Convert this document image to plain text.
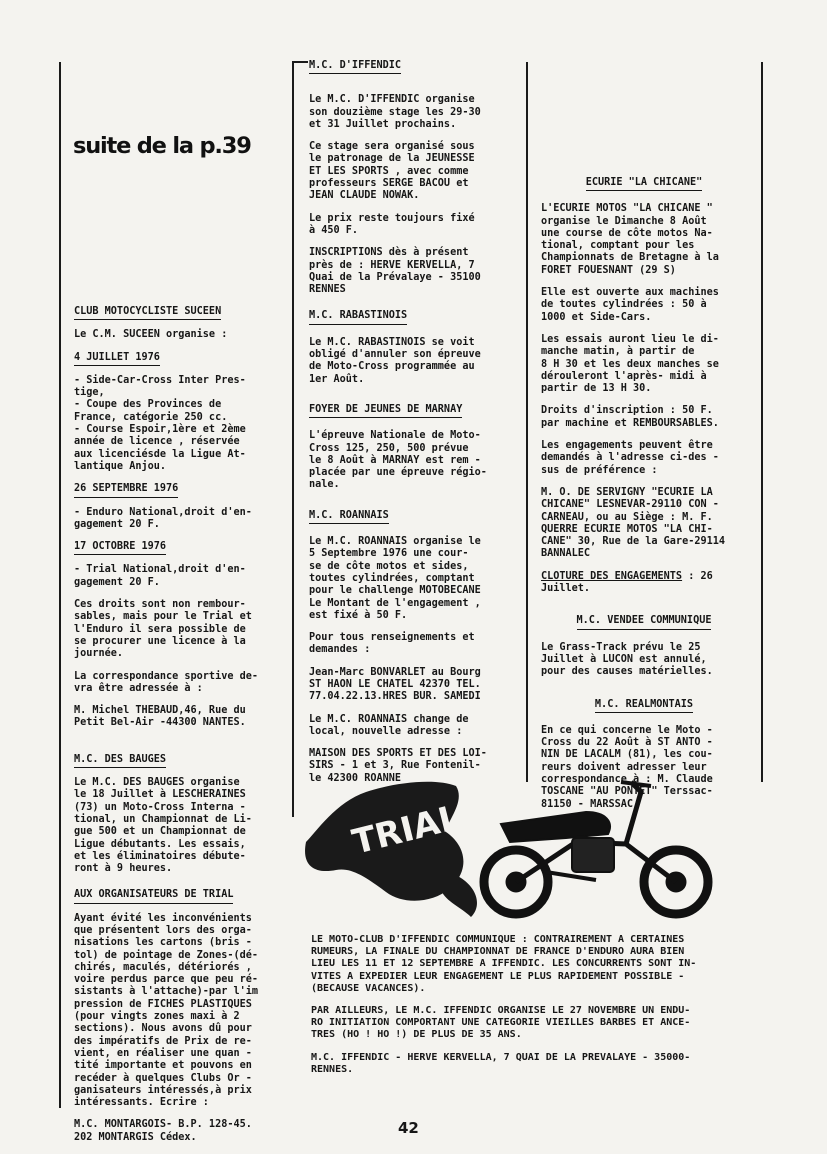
suite de la p.39
CLUB MOTOCYCLISTE SUCEEN

Le C.M. SUCEEN organise :

4 JUILLET 1976

- Side-Car-Cross Inter Pres-
tige,
- Coupe des Provinces de
France, catégorie 250 cc.
- Course Espoir,1ère et 2ème
année de licence , réservée
aux licenciésde la Ligue At-
lantique Anjou.

26 SEPTEMBRE 1976

- Enduro National,droit d'en-
gagement 20 F.

17 OCTOBRE 1976

- Trial National,droit d'en-
gagement 20 F.

Ces droits sont non rembour-
sables, mais pour le Trial et
l'Enduro il sera possible de
se procurer une licence à la
journée.

La correspondance sportive de-
vra être adressée à :

M. Michel THEBAUD,46, Rue du
Petit Bel-Air -44300 NANTES.

M.C. DES BAUGES

Le M.C. DES BAUGES organise
le 18 Juillet à LESCHERAINES
(73) un Moto-Cross Interna -
tional, un Championnat de Li-
gue 500 et un Championnat de
Ligue débutants. Les essais,
et les éliminatoires débute-
ront à 9 heures.

AUX ORGANISATEURS DE TRIAL

Ayant évité les inconvénients
que présentent lors des orga-
nisations les cartons (bris -
tol) de pointage de Zones-(dé-
chirés, maculés, détériorés ,
voire perdus parce que peu ré-
sistants à l'attache)-par l'im
pression de FICHES PLASTIQUES
(pour vingts zones maxi à 2
sections). Nous avons dû pour
des impératifs de Prix de re-
vient, en réaliser une quan -
tité importante et pouvons en
recéder à quelques Clubs Or -
ganisateurs intéressés,à prix
intéressants. Ecrire :

M.C. MONTARGOIS- B.P. 128-45.
202 MONTARGIS Cédex.

M.C. D'IFFENDIC

Le M.C. D'IFFENDIC organise
son douzième stage les 29-30
et 31 Juillet prochains.

Ce stage sera organisé sous
le patronage de la JEUNESSE
ET LES SPORTS , avec comme
professeurs SERGE BACOU et
JEAN CLAUDE NOWAK.

Le prix reste toujours fixé
à 450 F.

INSCRIPTIONS dès à présent
près de : HERVE KERVELLA, 7
Quai de la Prévalaye - 35100
RENNES

M.C. RABASTINOIS

Le M.C. RABASTINOIS se voit
obligé d'annuler son épreuve
de Moto-Cross programmée au
1er Août.

FOYER DE JEUNES DE MARNAY

L'épreuve Nationale de Moto-
Cross 125, 250, 500 prévue
le 8 Août à MARNAY est rem -
placée par une épreuve régio-
nale.

M.C. ROANNAIS

Le M.C. ROANNAIS organise le
5 Septembre 1976 une cour-
se de côte motos et sides,
toutes cylindrées, comptant
pour le challenge MOTOBECANE
Le Montant de l'engagement ,
est fixé à 50 F.

Pour tous renseignements et
demandes :

Jean-Marc BONVARLET au Bourg
ST HAON LE CHATEL 42370 TEL.
77.04.22.13.HRES BUR. SAMEDI

Le M.C. ROANNAIS change de
local, nouvelle adresse :

MAISON DES SPORTS ET DES LOI-
SIRS - 1 et 3, Rue Fontenil-
le 42300 ROANNE

ECURIE "LA CHICANE"

L'ECURIE MOTOS "LA CHICANE "
organise le Dimanche 8 Août
une course de côte motos Na-
tional, comptant pour les
Championnats de Bretagne à la
FORET FOUESNANT (29 S)

Elle est ouverte aux machines
de toutes cylindrées : 50 à
1000 et Side-Cars.

Les essais auront lieu le di-
manche matin, à partir de
8 H 30 et les deux manches se
dérouleront l'après- midi à
partir de 13 H 30.

Droits d'inscription : 50 F.
par machine et REMBOURSABLES.

Les engagements peuvent être
demandés à l'adresse ci-des -
sus de préférence :

M. O. DE SERVIGNY "ECURIE LA
CHICANE" LESNEVAR-29110 CON -
CARNEAU, ou au Siège : M. F.
QUERRE ECURIE MOTOS "LA CHI-
CANE" 30, Rue de la Gare-29114
BANNALEC

CLOTURE DES ENGAGEMENTS : 26
Juillet.

M.C. VENDEE COMMUNIQUE

Le Grass-Track prévu le 25
Juillet à LUCON est annulé,
pour des causes matérielles.

M.C. REALMONTAIS

En ce qui concerne le Moto -
Cross du 22 Août à ST ANTO -
NIN DE LACALM (81), les cou-
reurs doivent adresser leur
correspondance à : M. Claude
TOSCANE "AU PONTET" Terssac-
81150 - MARSSAC

TRIAL

LE MOTO-CLUB D'IFFENDIC COMMUNIQUE : CONTRAIREMENT A CERTAINES
RUMEURS, LA FINALE DU CHAMPIONNAT DE FRANCE D'ENDURO AURA BIEN
LIEU LES 11 ET 12 SEPTEMBRE A IFFENDIC. LES CONCURRENTS SONT IN-
VITES A EXPEDIER LEUR ENGAGEMENT LE PLUS RAPIDEMENT POSSIBLE -
(BECAUSE VACANCES).

PAR AILLEURS, LE M.C. IFFENDIC ORGANISE LE 27 NOVEMBRE UN ENDU-
RO INITIATION COMPORTANT UNE CATEGORIE VIEILLES BARBES ET ANCE-
TRES (HO ! HO !) DE PLUS DE 35 ANS.

M.C. IFFENDIC - HERVE KERVELLA, 7 QUAI DE LA PREVALAYE - 35000-
RENNES.

42
